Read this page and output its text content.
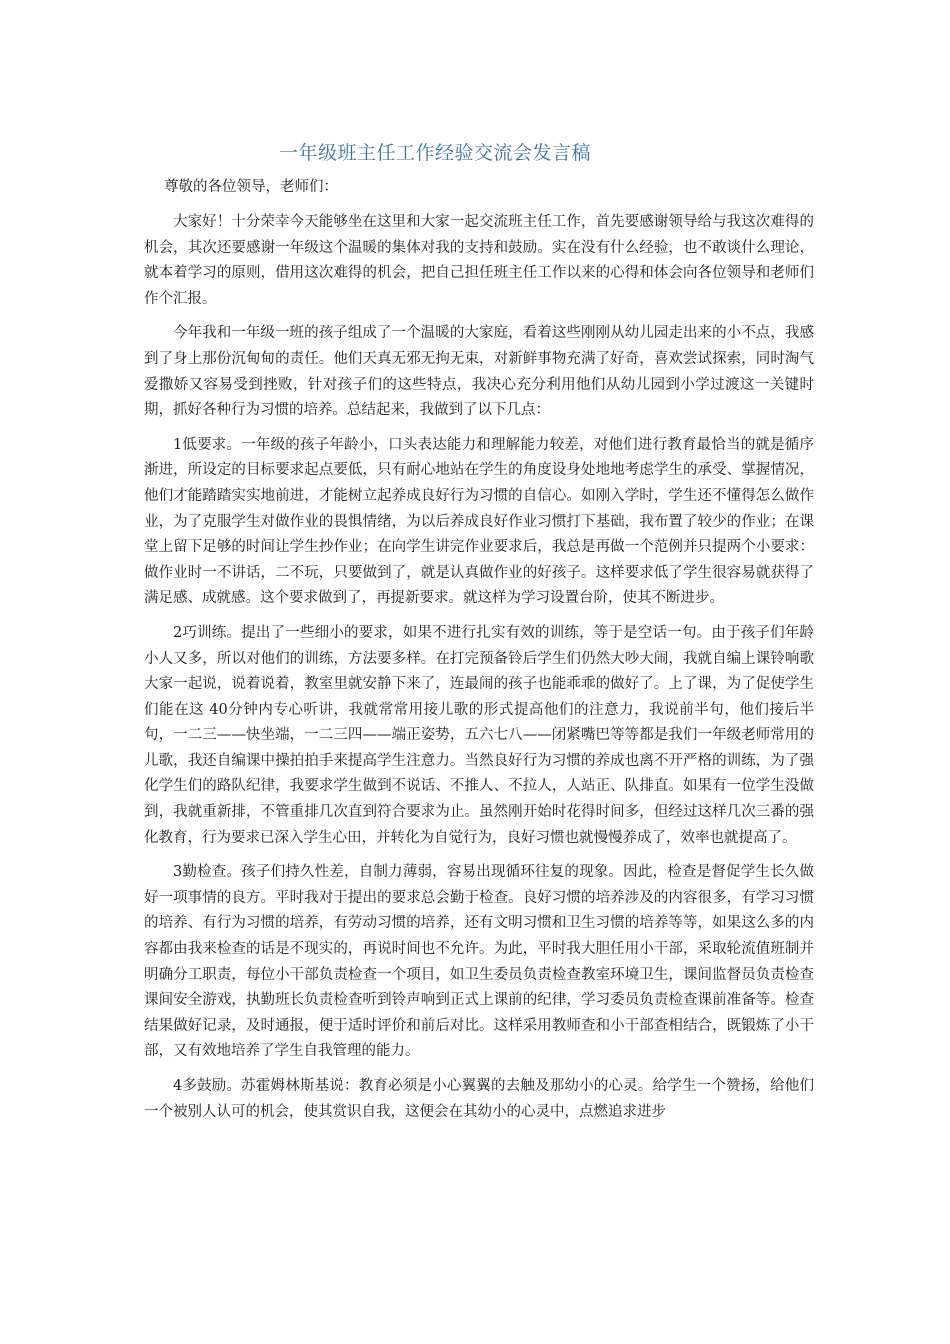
一年级班主任工作经验交流会发言稿

尊敬的各位领导，老师们：

大家好！十分荣幸今天能够坐在这里和大家一起交流班主任工作，首先要感谢领导给与我这次难得的机会，其次还要感谢一年级这个温暖的集体对我的支持和鼓励。实在没有什么经验，也不敢谈什么理论，就本着学习的原则，借用这次难得的机会，把自己担任班主任工作以来的心得和体会向各位领导和老师们作个汇报。

今年我和一年级一班的孩子组成了一个温暖的大家庭，看着这些刚刚从幼儿园走出来的小不点，我感到了身上那份沉甸甸的责任。他们天真无邪无拘无束，对新鲜事物充满了好奇，喜欢尝试探索，同时淘气爱撒娇又容易受到挫败，针对孩子们的这些特点，我决心充分利用他们从幼儿园到小学过渡这一关键时期，抓好各种行为习惯的培养。总结起来，我做到了以下几点：

1低要求。一年级的孩子年龄小，口头表达能力和理解能力较差，对他们进行教育最恰当的就是循序渐进，所设定的目标要求起点要低，只有耐心地站在学生的角度设身处地地考虑学生的承受、掌握情况，他们才能踏踏实实地前进，才能树立起养成良好行为习惯的自信心。如刚入学时，学生还不懂得怎么做作业，为了克服学生对做作业的畏惧情绪，为以后养成良好作业习惯打下基础，我布置了较少的作业；在课堂上留下足够的时间让学生抄作业；在向学生讲完作业要求后，我总是再做一个范例并只提两个小要求：做作业时一不讲话，二不玩，只要做到了，就是认真做作业的好孩子。这样要求低了学生很容易就获得了满足感、成就感。这个要求做到了，再提新要求。就这样为学习设置台阶，使其不断进步。

2巧训练。提出了一些细小的要求，如果不进行扎实有效的训练，等于是空话一句。由于孩子们年龄小人又多，所以对他们的训练，方法要多样。在打完预备铃后学生们仍然大吵大闹，我就自编上课铃响歌大家一起说，说着说着，教室里就安静下来了，连最闹的孩子也能乖乖的做好了。上了课，为了促使学生们能在这 40分钟内专心听讲，我就常常用接儿歌的形式提高他们的注意力，我说前半句，他们接后半句，一二三——快坐端，一二三四——端正姿势，五六七八——闭紧嘴巴等等都是我们一年级老师常用的儿歌，我还自编课中操拍拍手来提高学生注意力。当然良好行为习惯的养成也离不开严格的训练，为了强化学生们的路队纪律，我要求学生做到不说话、不推人、不拉人，人站正、队排直。如果有一位学生没做到，我就重新排，不管重排几次直到符合要求为止。虽然刚开始时花得时间多，但经过这样几次三番的强化教育，行为要求已深入学生心田，并转化为自觉行为，良好习惯也就慢慢养成了，效率也就提高了。

3勤检查。孩子们持久性差，自制力薄弱，容易出现循环往复的现象。因此，检查是督促学生长久做好一项事情的良方。平时我对于提出的要求总会勤于检查。良好习惯的培养涉及的内容很多，有学习习惯的培养、有行为习惯的培养，有劳动习惯的培养，还有文明习惯和卫生习惯的培养等等，如果这么多的内容都由我来检查的话是不现实的，再说时间也不允许。为此，平时我大胆任用小干部，采取轮流值班制并明确分工职责，每位小干部负责检查一个项目，如卫生委员负责检查教室环境卫生，课间监督员负责检查课间安全游戏，执勤班长负责检查听到铃声响到正式上课前的纪律，学习委员负责检查课前准备等。检查结果做好记录，及时通报，便于适时评价和前后对比。这样采用教师查和小干部查相结合，既锻炼了小干部，又有效地培养了学生自我管理的能力。

4多鼓励。苏霍姆林斯基说：教育必须是小心翼翼的去触及那幼小的心灵。给学生一个赞扬，给他们一个被别人认可的机会，使其赏识自我，这便会在其幼小的心灵中，点燃追求进步
